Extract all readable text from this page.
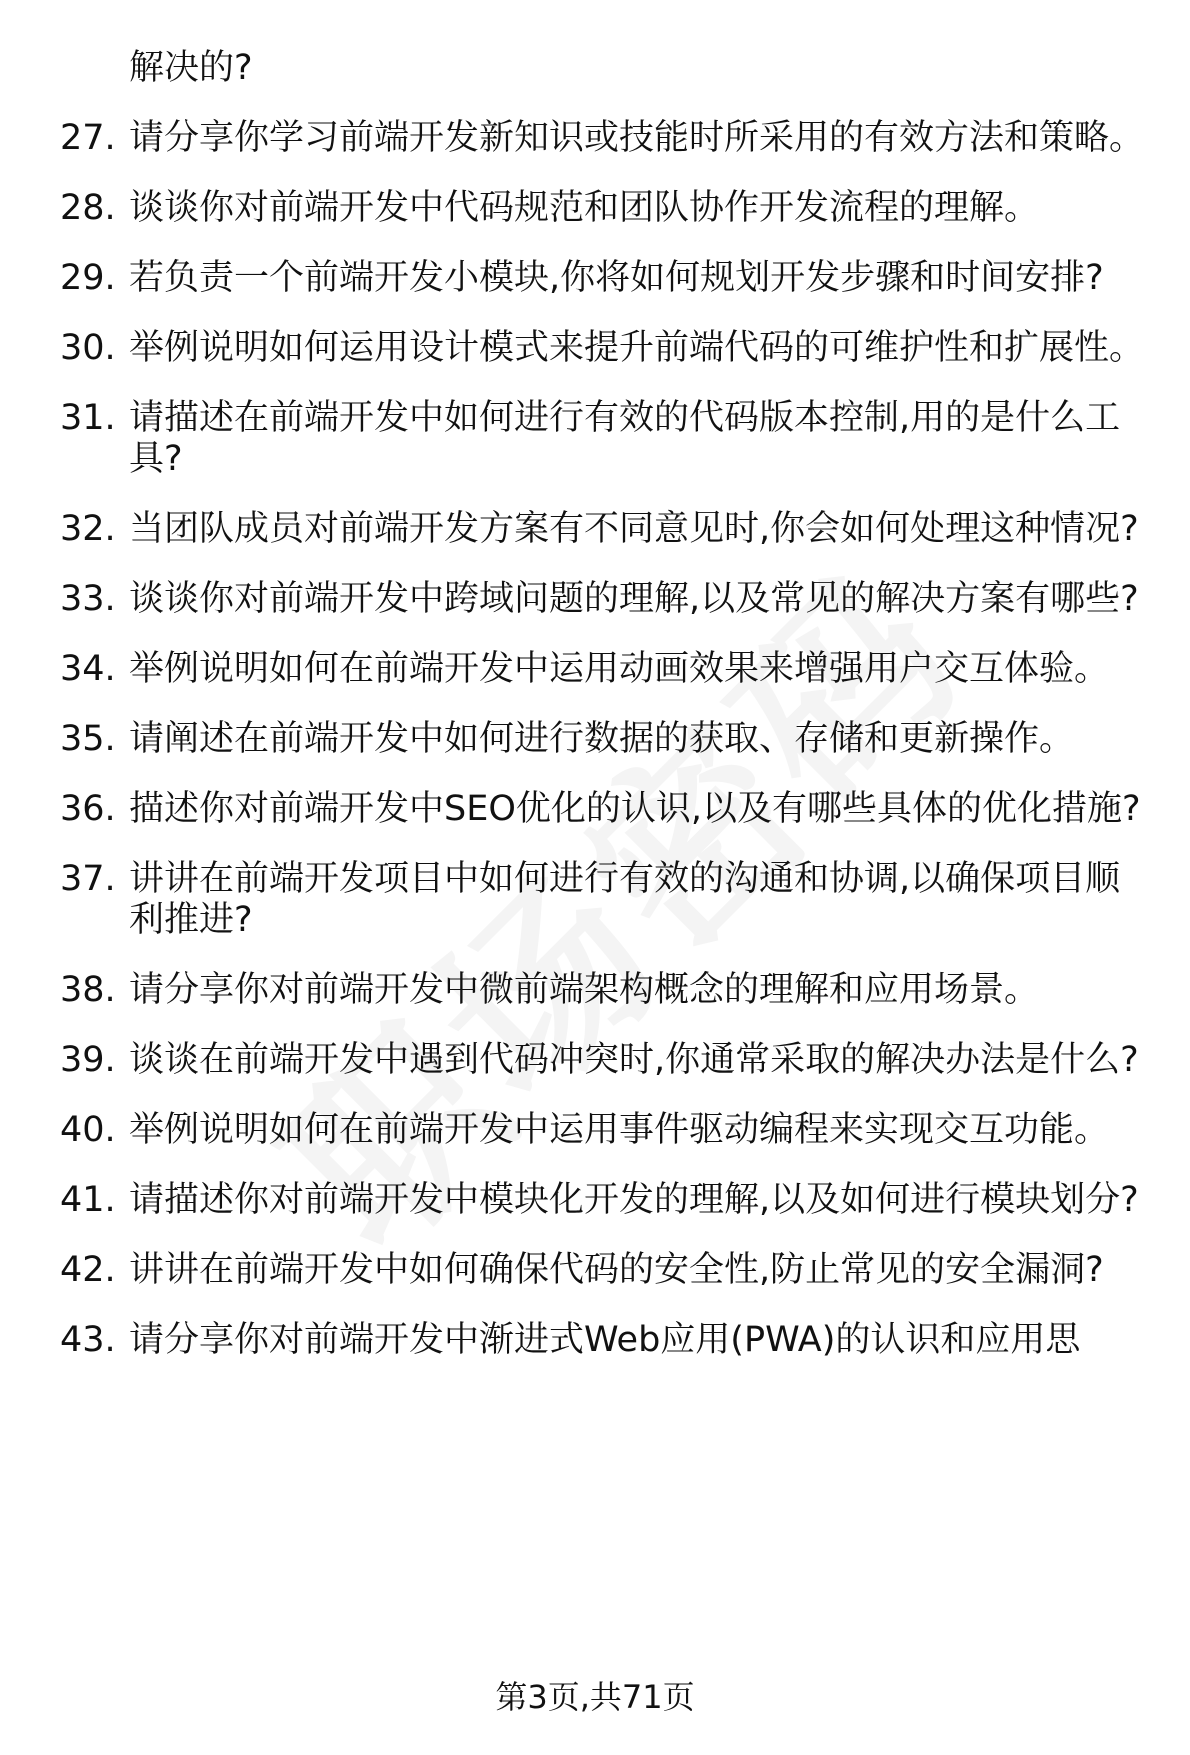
解决的?
27. 请分享你学习前端开发新知识或技能时所采用的有效方法和策略。
28. 谈谈你对前端开发中代码规范和团队协作开发流程的理解。
29. 若负责一个前端开发小模块,你将如何规划开发步骤和时间安排?
30. 举例说明如何运用设计模式来提升前端代码的可维护性和扩展性。
31. 请描述在前端开发中如何进行有效的代码版本控制,用的是什么工具?
32. 当团队成员对前端开发方案有不同意见时,你会如何处理这种情况?
33. 谈谈你对前端开发中跨域问题的理解,以及常见的解决方案有哪些?
34. 举例说明如何在前端开发中运用动画效果来增强用户交互体验。
35. 请阐述在前端开发中如何进行数据的获取、存储和更新操作。
36. 描述你对前端开发中SEO优化的认识,以及有哪些具体的优化措施?
37. 讲讲在前端开发项目中如何进行有效的沟通和协调,以确保项目顺利推进?
38. 请分享你对前端开发中微前端架构概念的理解和应用场景。
39. 谈谈在前端开发中遇到代码冲突时,你通常采取的解决办法是什么?
40. 举例说明如何在前端开发中运用事件驱动编程来实现交互功能。
41. 请描述你对前端开发中模块化开发的理解,以及如何进行模块划分?
42. 讲讲在前端开发中如何确保代码的安全性,防止常见的安全漏洞?
43. 请分享你对前端开发中渐进式Web应用(PWA)的认识和应用思
第3页,共71页
